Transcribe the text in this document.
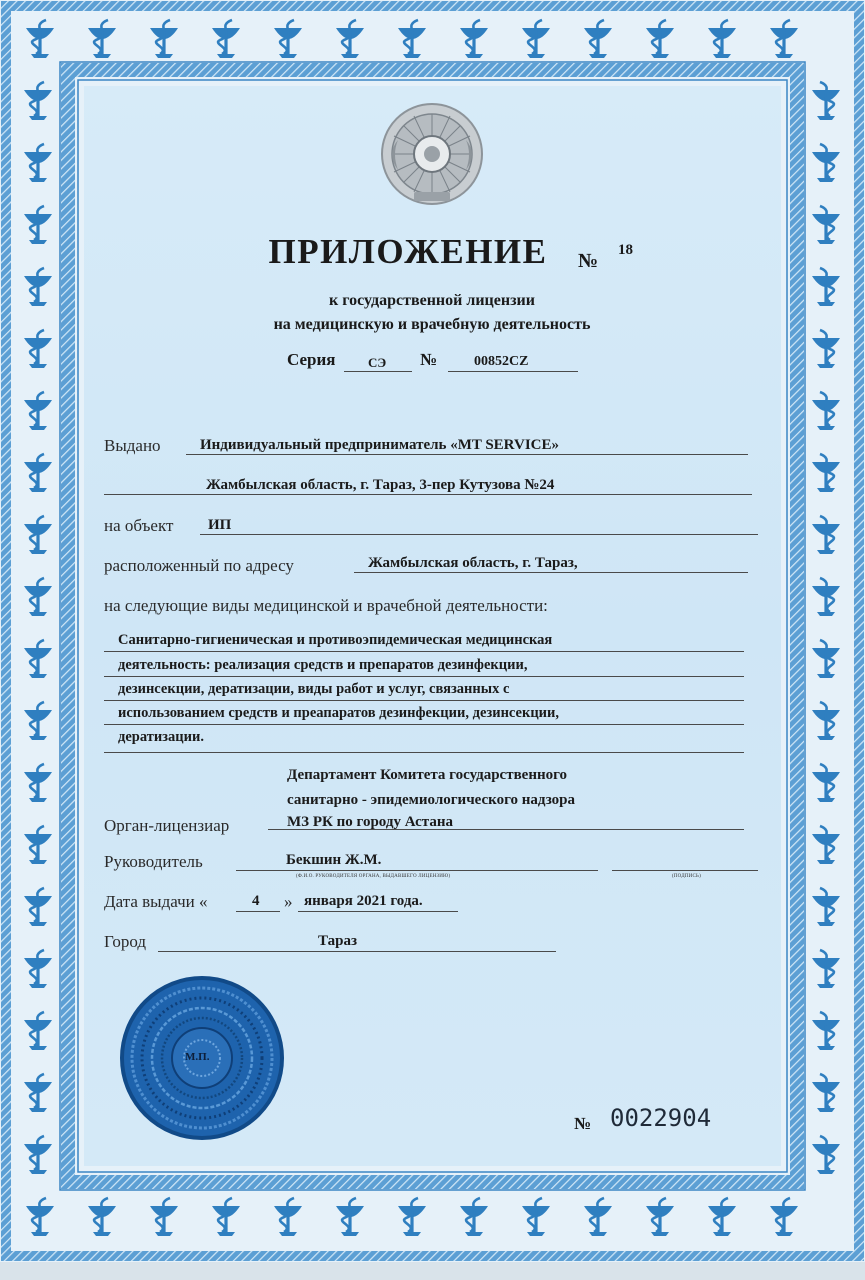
ПРИЛОЖЕНИЕ	№ 18
к государственной лицензии
на медицинскую и врачебную деятельность
Серия	СЭ №	00852CZ
Выдано	Индивидуальный предприниматель «MT SERVICE»
Жамбылская область, г. Тараз, 3-пер Кутузова №24
на объект ИП
расположенный по адресу	Жамбылская область, г. Тараз,
на следующие виды медицинской и врачебной деятельности:
Санитарно-гигиеническая и противоэпидемическая медицинская
деятельность: реализация средств и препаратов дезинфекции,
дезинсекции, дератизации, виды работ и услуг, связанных с
использованием средств и преапаратов дезинфекции, дезинсекции,
дератизации.
Департамент Комитета государственного
санитарно - эпидемиологического надзора
Орган-лицензиар	МЗ РК по городу Астана
Руководитель	Бекшин Ж.М.
(Ф.И.О. РУКОВОДИТЕЛЯ ОРГАНА, ВЫДАВШЕГО ЛИЦЕНЗИЮ)	(ПОДПИСЬ)
Дата выдачи «	4 » января 2021 года.
Город	Тараз
М.П.
№ 0022904
